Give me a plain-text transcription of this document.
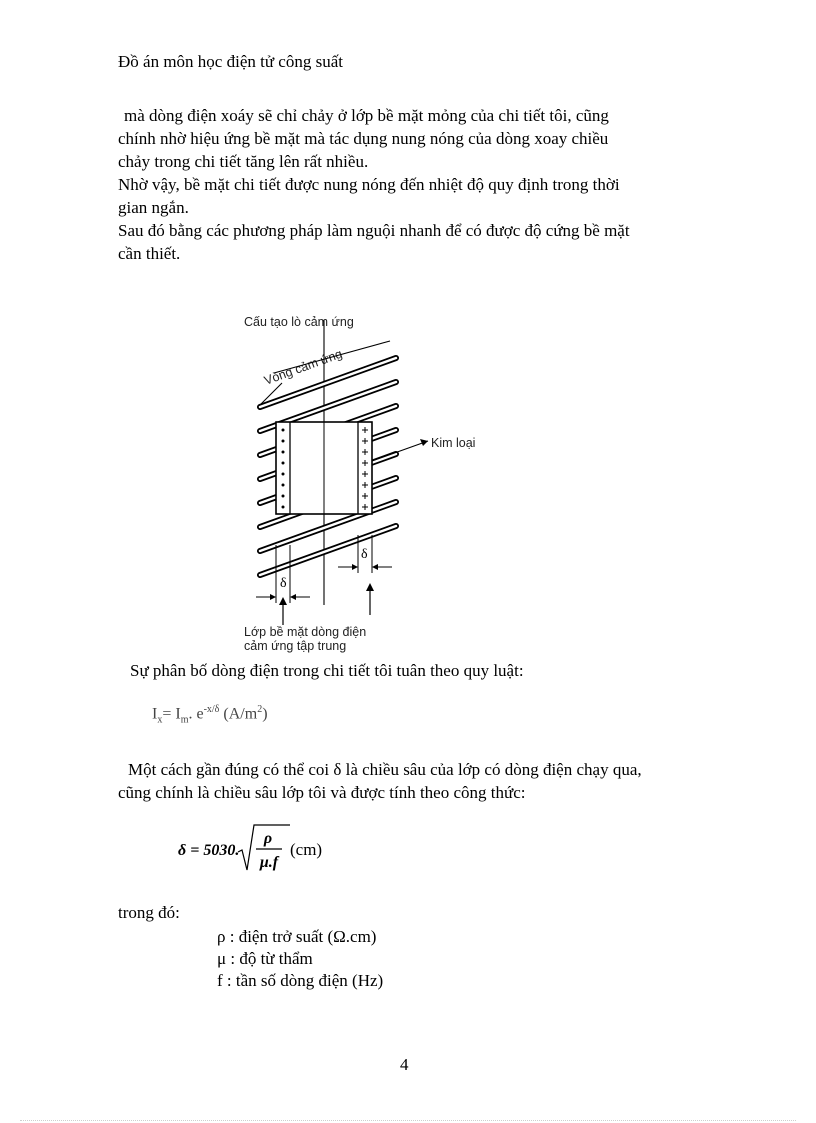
Đồ án môn học điện tử công suất

mà dòng điện xoáy sẽ chỉ chảy ở lớp bề mặt mỏng của chi tiết tôi, cũng

chính nhờ hiệu ứng bề mặt mà tác dụng nung nóng của dòng xoay chiều

chảy trong chi tiết tăng lên rất nhiều.

Nhờ vậy, bề mặt chi tiết được nung nóng đến nhiệt độ quy định trong thời

gian ngắn.

Sau đó bằng các phương pháp làm nguội nhanh để có được độ cứng bề mặt

cần thiết.

Cấu tạo lò cảm ứng
Vòng cảm ứng
Kim loại
δ
δ
Lớp bề mặt dòng điện
cảm ứng tập trung
Sự phân bố dòng điện trong chi tiết tôi tuân theo quy luật:
$I_x= I_m$. $e^{-x/\delta}$ $(A/m^2)$

Một cách gần đúng có thể coi δ là chiều sâu của lớp có dòng điện chạy qua,

cũng chính là chiều sâu lớp tôi và được tính theo công thức:

δ = 5030.
ρ
μ.f
(cm)
trong đó:
ρ : điện trở suất (Ω.cm)
μ : độ từ thẩm
f : tần số dòng điện (Hz)
4
